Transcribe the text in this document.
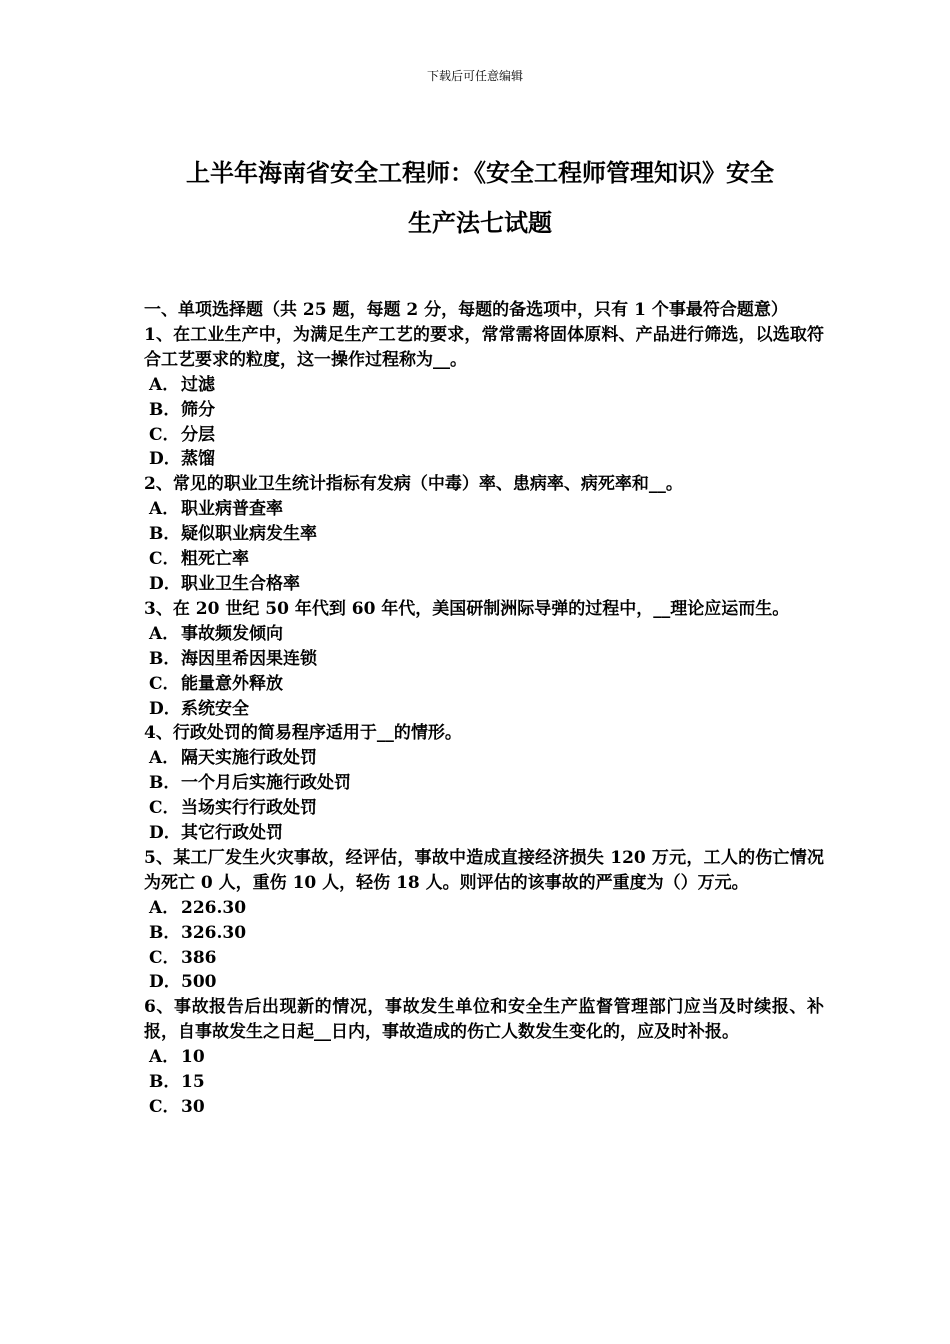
下载后可任意编辑
上半年海南省安全工程师：《安全工程师管理知识》安全
生产法七试题

一、单项选择题（共 25 题，每题 2 分，每题的备选项中，只有 1 个事最符合题意）

1、在工业生产中，为满足生产工艺的要求，常常需将固体原料、产品进行筛选，以选取符合工艺要求的粒度，这一操作过程称为__。

A． 过滤

B．筛分

C．分层

D．蒸馏

2、常见的职业卫生统计指标有发病（中毒）率、患病率、病死率和__。

A． 职业病普查率

B．疑似职业病发生率

C．粗死亡率

D．职业卫生合格率

3、在 20 世纪 50 年代到 60 年代，美国研制洲际导弹的过程中，__理论应运而生。

A． 事故频发倾向

B．海因里希因果连锁

C．能量意外释放

D．系统安全

4、行政处罚的简易程序适用于__的情形。

A． 隔天实施行政处罚

B．一个月后实施行政处罚

C．当场实行行政处罚

D．其它行政处罚

5、某工厂发生火灾事故，经评估，事故中造成直接经济损失 120 万元，工人的伤亡情况为死亡 0 人，重伤 10 人，轻伤 18 人。则评估的该事故的严重度为（）万元。

A． 226.30

B．326.30

C．386

D．500

6、事故报告后出现新的情况，事故发生单位和安全生产监督管理部门应当及时续报、补报，自事故发生之日起__日内，事故造成的伤亡人数发生变化的，应及时补报。

A． 10

B．15

C．30
